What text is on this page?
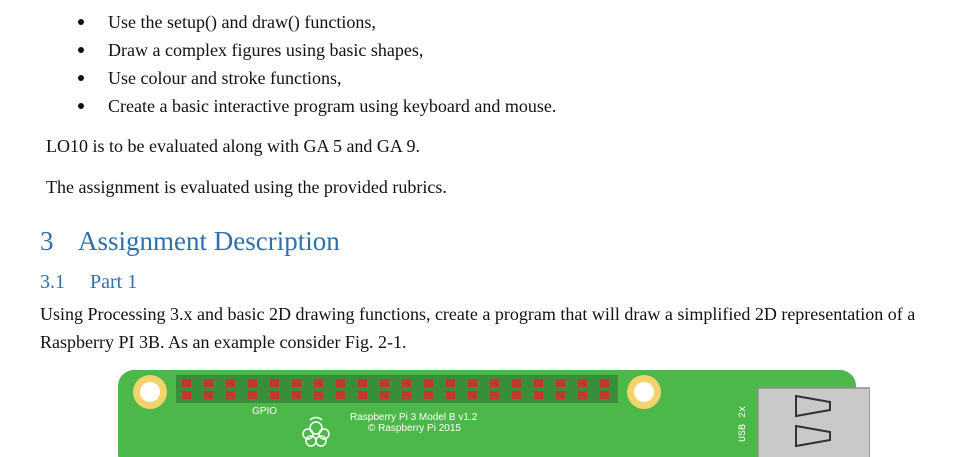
Use the setup() and draw() functions,
Draw a complex figures using basic shapes,
Use colour and stroke functions,
Create a basic interactive program using keyboard and mouse.
LO10 is to be evaluated along with GA 5 and GA 9.
The assignment is evaluated using the provided rubrics.
3 Assignment Description
3.1 Part 1
Using Processing 3.x and basic 2D drawing functions, create a program that will draw a simplified 2D representation of a Raspberry PI 3B. As an example consider Fig. 2-1.
GPIO
Raspberry Pi 3 Model B v1.2
© Raspberry Pi 2015	USB 2x
